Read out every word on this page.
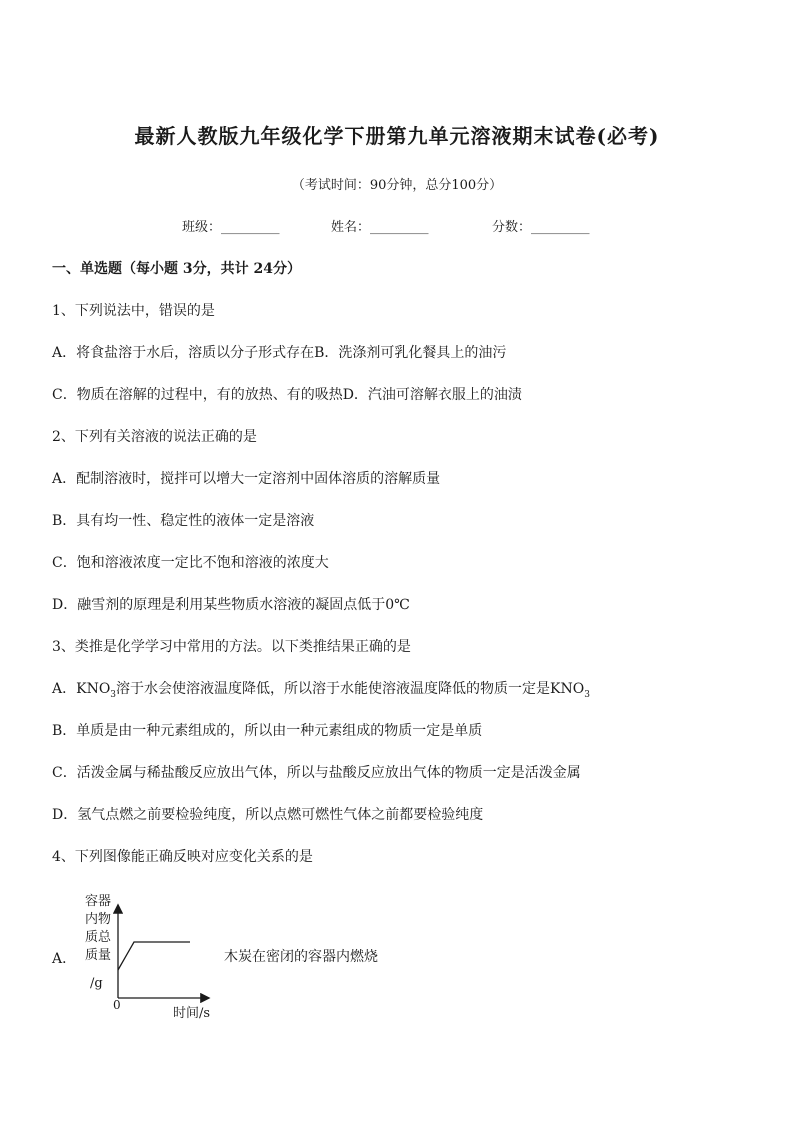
最新人教版九年级化学下册第九单元溶液期末试卷(必考)
（考试时间：90分钟，总分100分）
班级：_________	姓名：_________	分数：_________
一、单选题（每小题 3分，共计 24分）
1、下列说法中，错误的是
A．将食盐溶于水后，溶质以分子形式存在B．洗涤剂可乳化餐具上的油污
C．物质在溶解的过程中，有的放热、有的吸热D．汽油可溶解衣服上的油渍
2、下列有关溶液的说法正确的是
A．配制溶液时，搅拌可以增大一定溶剂中固体溶质的溶解质量
B．具有均一性、稳定性的液体一定是溶液
C．饱和溶液浓度一定比不饱和溶液的浓度大
D．融雪剂的原理是利用某些物质水溶液的凝固点低于0℃
3、类推是化学学习中常用的方法。以下类推结果正确的是
A．$KNO_3$溶于水会使溶液温度降低，所以溶于水能使溶液温度降低的物质一定是$KNO_3$
B．单质是由一种元素组成的，所以由一种元素组成的物质一定是单质
C．活泼金属与稀盐酸反应放出气体，所以与盐酸反应放出气体的物质一定是活泼金属
D．氢气点燃之前要检验纯度，所以点燃可燃性气体之前都要检验纯度
4、下列图像能正确反映对应变化关系的是
A．
容器内物质总质量
/g
0
时间/s
木炭在密闭的容器内燃烧
